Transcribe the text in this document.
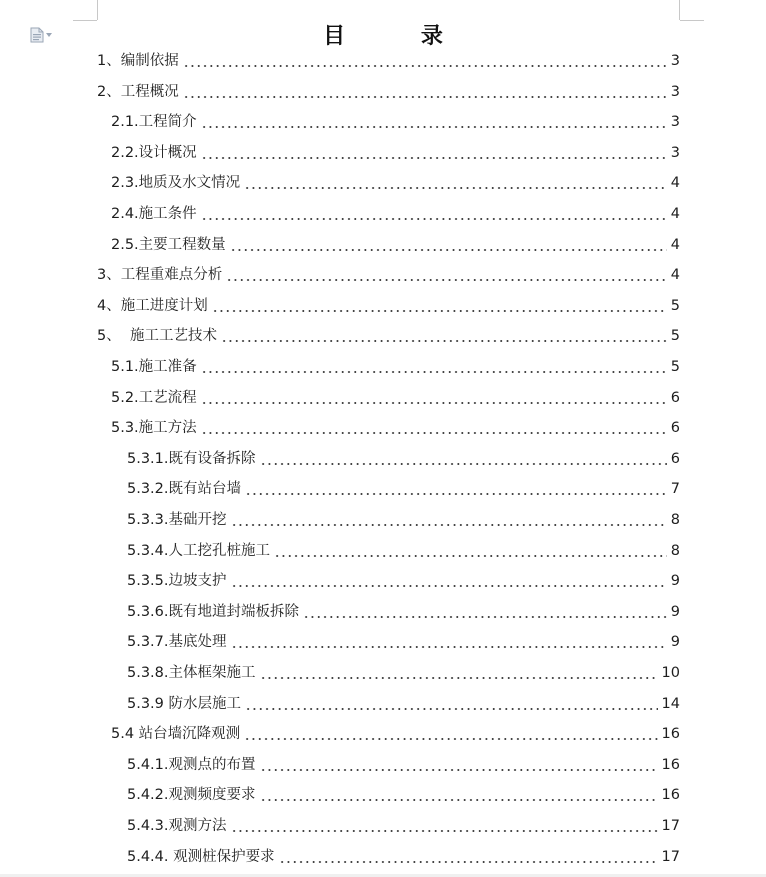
目 录
1、编制依据	3
2、工程概况	3
2.1.工程简介	3
2.2.设计概况	3
2.3.地质及水文情况	4
2.4.施工条件	4
2.5.主要工程数量	4
3、工程重难点分析	4
4、施工进度计划	5
5、  施工工艺技术	5
5.1.施工准备	5
5.2.工艺流程	6
5.3.施工方法	6
5.3.1.既有设备拆除	6
5.3.2.既有站台墙	7
5.3.3.基础开挖	8
5.3.4.人工挖孔桩施工	8
5.3.5.边坡支护	9
5.3.6.既有地道封端板拆除	9
5.3.7.基底处理	9
5.3.8.主体框架施工	10
5.3.9 防水层施工	14
5.4 站台墙沉降观测	16
5.4.1.观测点的布置	16
5.4.2.观测频度要求	16
5.4.3.观测方法	17
5.4.4. 观测桩保护要求	17
